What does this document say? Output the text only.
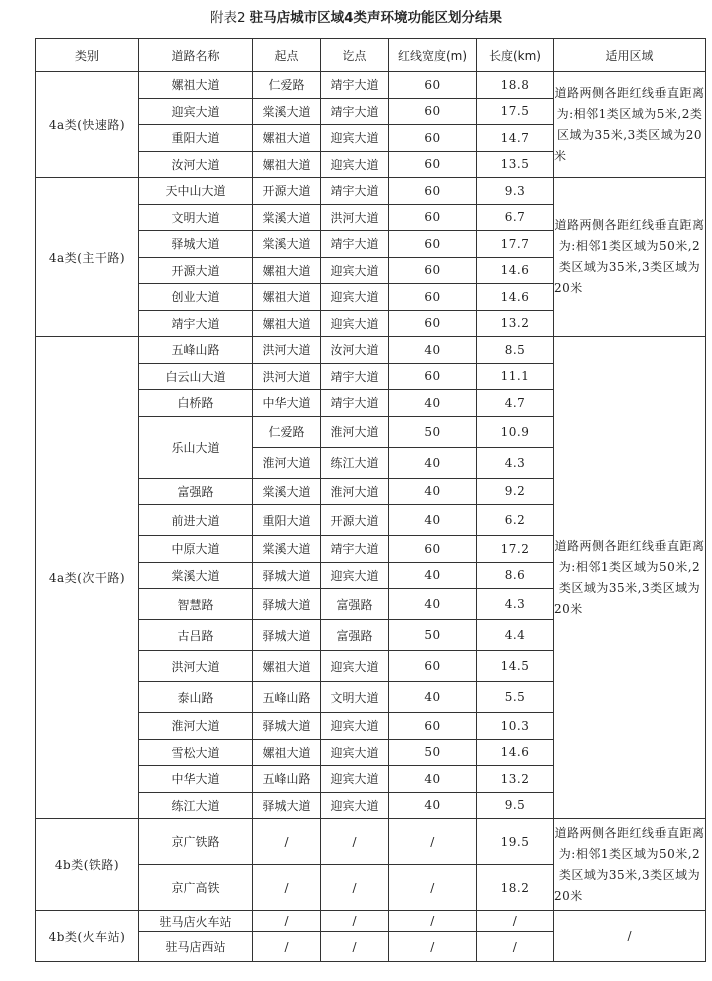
附表2 驻马店城市区域4类声环境功能区划分结果
类别	道路名称	起点	讫点	红线宽度(m)	长度(km)	适用区域
4a类(快速路)	嫘祖大道	仁爱路	靖宇大道	60	18.8	道路两侧各距红线垂直距离为:相邻1类区域为5米,2类区域为35米,3类区域为20米
	迎宾大道	棠溪大道	靖宇大道	60	17.5	
	重阳大道	嫘祖大道	迎宾大道	60	14.7	
	汝河大道	嫘祖大道	迎宾大道	60	13.5	
4a类(主干路)	天中山大道	开源大道	靖宇大道	60	9.3	道路两侧各距红线垂直距离为:相邻1类区域为50米,2类区域为35米,3类区域为20米
	文明大道	棠溪大道	洪河大道	60	6.7	
	驿城大道	棠溪大道	靖宇大道	60	17.7	
	开源大道	嫘祖大道	迎宾大道	60	14.6	
	创业大道	嫘祖大道	迎宾大道	60	14.6	
	靖宇大道	嫘祖大道	迎宾大道	60	13.2	
4a类(次干路)	五峰山路	洪河大道	汝河大道	40	8.5	道路两侧各距红线垂直距离为:相邻1类区域为50米,2类区域为35米,3类区域为20米
	白云山大道	洪河大道	靖宇大道	60	11.1	
	白桥路	中华大道	靖宇大道	40	4.7	
	乐山大道	仁爱路	淮河大道	50	10.9	
		淮河大道	练江大道	40	4.3	
	富强路	棠溪大道	淮河大道	40	9.2	
	前进大道	重阳大道	开源大道	40	6.2	
	中原大道	棠溪大道	靖宇大道	60	17.2	
	棠溪大道	驿城大道	迎宾大道	40	8.6	
	智慧路	驿城大道	富强路	40	4.3	
	古吕路	驿城大道	富强路	50	4.4	
	洪河大道	嫘祖大道	迎宾大道	60	14.5	
	泰山路	五峰山路	文明大道	40	5.5	
	淮河大道	驿城大道	迎宾大道	60	10.3	
	雪松大道	嫘祖大道	迎宾大道	50	14.6	
	中华大道	五峰山路	迎宾大道	40	13.2	
	练江大道	驿城大道	迎宾大道	40	9.5	
4b类(铁路)	京广铁路	/	/	/	19.5	道路两侧各距红线垂直距离为:相邻1类区域为50米,2类区域为35米,3类区域为20米
	京广高铁	/	/	/	18.2	
4b类(火车站)	驻马店火车站	/	/	/	/	/
	驻马店西站	/	/	/	/	
